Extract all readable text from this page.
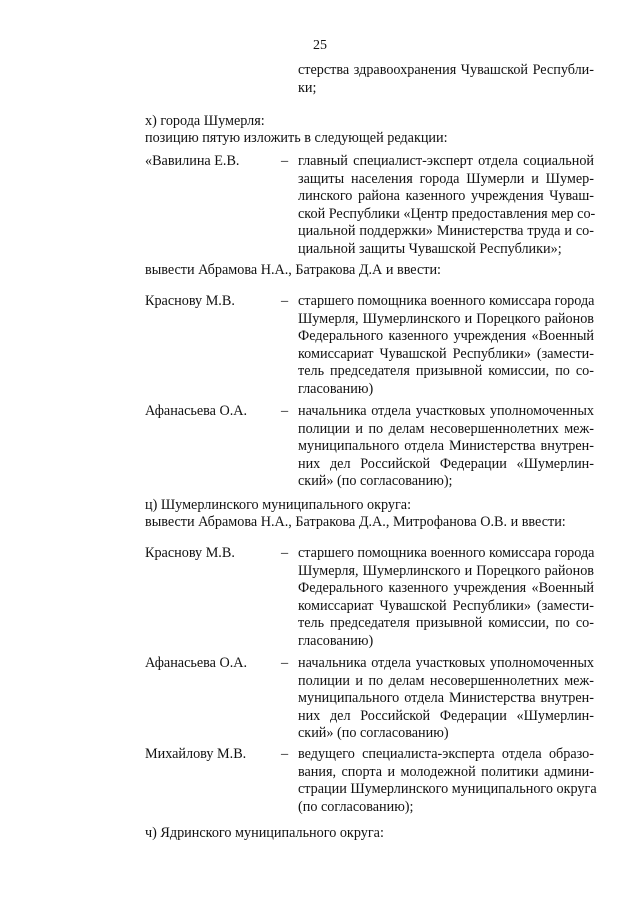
25
стерства здравоохранения Чувашской Республи-
ки;
х) города Шумерля:
позицию пятую изложить в следующей редакции:
«Вавилина Е.В.	– главный специалист-эксперт отдела социальной
защиты населения города Шумерли и Шумер-
линского района казенного учреждения Чуваш-
ской Республики «Центр предоставления мер со-
циальной поддержки» Министерства труда и со-
циальной защиты Чувашской Республики»;
вывести Абрамова Н.А., Батракова Д.А и ввести:
Краснову М.В.	– старшего помощника военного комиссара города
Шумерля, Шумерлинского и Порецкого районов
Федерального казенного учреждения «Военный
комиссариат Чувашской Республики» (замести-
тель председателя призывной комиссии, по со-
гласованию)
Афанасьева О.А. – начальника отдела участковых уполномоченных
полиции и по делам несовершеннолетних меж-
муниципального отдела Министерства внутрен-
них дел Российской Федерации «Шумерлин-
ский» (по согласованию);
ц) Шумерлинского муниципального округа:
вывести Абрамова Н.А., Батракова Д.А., Митрофанова О.В. и ввести:
Краснову М.В.	– старшего помощника военного комиссара города
Шумерля, Шумерлинского и Порецкого районов
Федерального казенного учреждения «Военный
комиссариат Чувашской Республики» (замести-
тель председателя призывной комиссии, по со-
гласованию)
Афанасьева О.А. – начальника отдела участковых уполномоченных
полиции и по делам несовершеннолетних меж-
муниципального отдела Министерства внутрен-
них дел Российской Федерации «Шумерлин-
ский» (по согласованию)
Михайлову М.В. – ведущего специалиста-эксперта отдела образо-
вания, спорта и молодежной политики админи-
страции Шумерлинского муниципального округа
(по согласованию);
ч) Ядринского муниципального округа:
